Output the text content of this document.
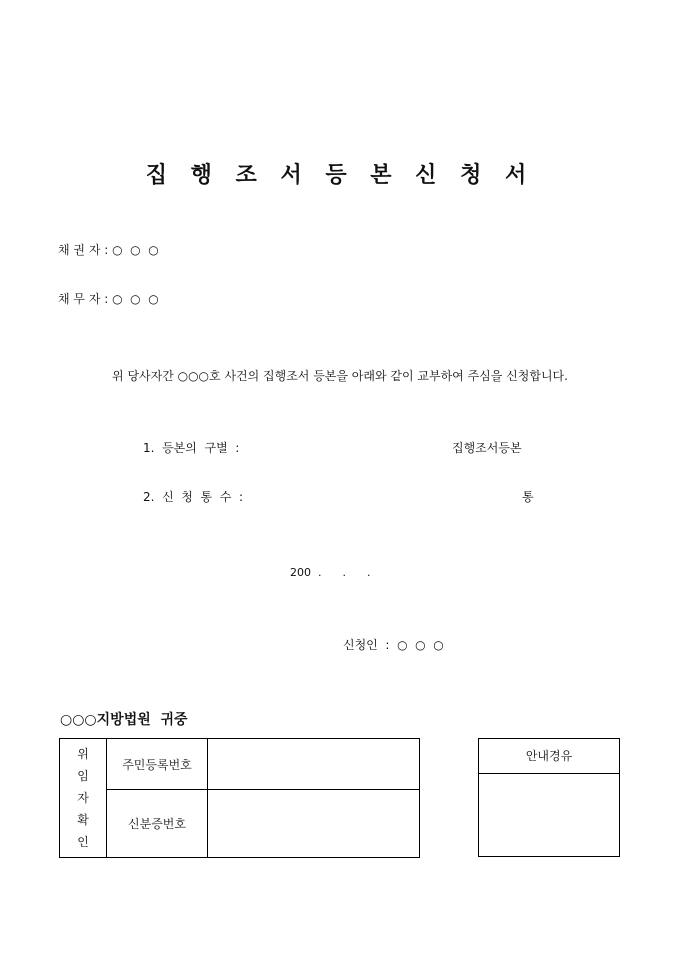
집 행 조 서 등 본 신 청 서
채 권 자 : ○  ○  ○
채 무 자 : ○  ○  ○
위 당사자간 ○○○호 사건의 집행조서 등본을 아래와 같이 교부하여 주심을 신청합니다.
1.  등본의  구별  :	집행조서등본
2.  신  청  통  수  :	통
200  .      .      .
신청인  :  ○  ○  ○
○○○지방법원  귀중
위
임
자
확
인	주민등록번호	
	신분증번호	
안내경유
